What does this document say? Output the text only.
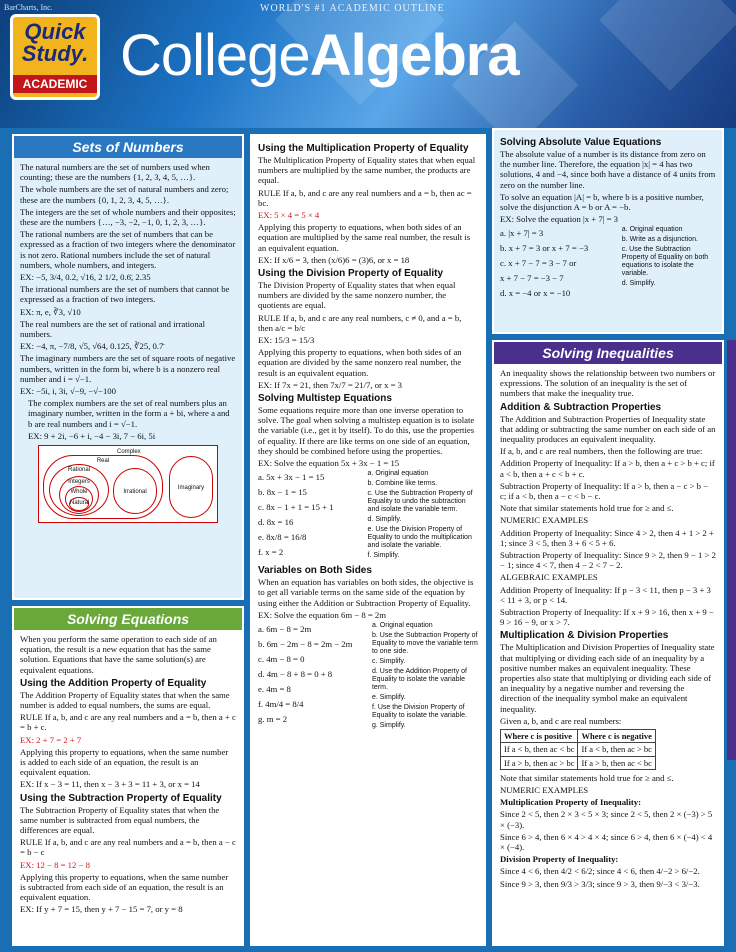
BarCharts, Inc.	WORLD'S #1 ACADEMIC OUTLINE
Quick
Study.
ACADEMIC CollegeAlgebra
Sets of Numbers
The natural numbers are the set of numbers used when counting; these are the numbers {1, 2, 3, 4, 5, …}.
The whole numbers are the set of natural numbers and zero; these are the numbers {0, 1, 2, 3, 4, 5, …}.
The integers are the set of whole numbers and their opposites; these are the numbers {…, −3, −2, −1, 0, 1, 2, 3, …}.
The rational numbers are the set of numbers that can be expressed as a fraction of two integers where the denominator is not zero. Rational numbers include the set of natural numbers, whole numbers, and integers.
EX: −5, 3/4, 0.2, √16, 2 1/2, 0.6̄, 2.35
The irrational numbers are the set of numbers that cannot be expressed as a fraction of two integers.
EX: π, e, ∛3, √10
The real numbers are the set of rational and irrational numbers.
EX: −4, π, −7/8, √5, √64, 0.125, ∛25, 0.7̄
The imaginary numbers are the set of square roots of negative numbers, written in the form bi, where b is a nonzero real number and i = √−1.
EX: −5i, i, 3i, √−9, −√−100
The complex numbers are the set of real numbers plus an imaginary number, written in the form a + bi, where a and b are real numbers and i = √−1.
EX: 9 + 2i, −6 + i, −4 − 3i, 7 − 6i, 5i
Complex
Real
Rational
Integers
Whole
Natural
Irrational
Imaginary
Solving Equations
When you perform the same operation to each side of an equation, the result is a new equation that has the same solution. Equations that have the same solution(s) are equivalent equations.
Using the Addition Property of Equality
The Addition Property of Equality states that when the same number is added to equal numbers, the sums are equal.
RULE If a, b, and c are any real numbers and a = b, then a + c = b + c.
EX: 2 + 7 = 2 + 7
Applying this property to equations, when the same number is added to each side of an equation, the result is an equivalent equation.
EX: If x − 3 = 11, then x − 3 + 3 = 11 + 3, or x = 14
Using the Subtraction Property of Equality
The Subtraction Property of Equality states that when the same number is subtracted from equal numbers, the differences are equal.
RULE If a, b, and c are any real numbers and a = b, then a − c = b − c
EX: 12 − 8 = 12 − 8
Applying this property to equations, when the same number is subtracted from each side of an equation, the result is an equivalent equation.
EX: If y + 7 = 15, then y + 7 − 15 = 7, or y = 8
Using the Multiplication Property of Equality
The Multiplication Property of Equality states that when equal numbers are multiplied by the same number, the products are equal.
RULE If a, b, and c are any real numbers and a = b, then ac = bc.
EX: 5 × 4 = 5 × 4
Applying this property to equations, when both sides of an equation are multiplied by the same real number, the result is an equivalent equation.
EX: If x/6 = 3, then (x/6)6 = (3)6, or x = 18
Using the Division Property of Equality
The Division Property of Equality states that when equal numbers are divided by the same nonzero number, the quotients are equal.
RULE If a, b, and c are any real numbers, c ≠ 0, and a = b, then a/c = b/c
EX: 15/3 = 15/3
Applying this property to equations, when both sides of an equation are divided by the same nonzero real number, the result is an equivalent equation.
EX: If 7x = 21, then 7x/7 = 21/7, or x = 3
Solving Multistep Equations
Some equations require more than one inverse operation to solve. The goal when solving a multistep equation is to isolate the variable (i.e., get it by itself). To do this, use the properties of equality. If there are like terms on one side of an equation, they should be combined before using the properties.
EX: Solve the equation 5x + 3x − 1 = 15
a. 5x + 3x − 1 = 15
b. 8x − 1 = 15
c. 8x − 1 + 1 = 15 + 1
d. 8x = 16
e. 8x/8 = 16/8
f. x = 2
a. Original equation
b. Combine like terms.
c. Use the Subtraction Property of Equality to undo the subtraction and isolate the variable term.
d. Simplify.
e. Use the Division Property of Equality to undo the multiplication and isolate the variable.
f. Simplify.
Variables on Both Sides
When an equation has variables on both sides, the objective is to get all variable terms on the same side of the equation by using either the Addition or Subtraction Property of Equality.
EX: Solve the equation 6m − 8 = 2m
a. 6m − 8 = 2m
b. 6m − 2m − 8 = 2m − 2m
c. 4m − 8 = 0
d. 4m − 8 + 8 = 0 + 8
e. 4m = 8
f. 4m/4 = 8/4
g. m = 2
a. Original equation
b. Use the Subtraction Property of Equality to move the variable term to one side.
c. Simplify.
d. Use the Addition Property of Equality to isolate the variable term.
e. Simplify.
f. Use the Division Property of Equality to isolate the variable.
g. Simplify.
Solving Absolute Value Equations
The absolute value of a number is its distance from zero on the number line. Therefore, the equation |x| = 4 has two solutions, 4 and −4, since both have a distance of 4 units from zero on the number line.
To solve an equation |A| = b, where b is a positive number, solve the disjunction A = b or A = −b.
EX: Solve the equation |x + 7| = 3
a. |x + 7| = 3
b. x + 7 = 3 or x + 7 = −3
c. x + 7 − 7 = 3 − 7 or
x + 7 − 7 = −3 − 7
d. x = −4 or x = −10
a. Original equation
b. Write as a disjunction.
c. Use the Subtraction Property of Equality on both equations to isolate the variable.
d. Simplify.
Solving Inequalities
An inequality shows the relationship between two numbers or expressions. The solution of an inequality is the set of numbers that make the inequality true.
Addition & Subtraction Properties
The Addition and Subtraction Properties of Inequality state that adding or subtracting the same number on each side of an inequality produces an equivalent inequality.
If a, b, and c are real numbers, then the following are true:
Addition Property of Inequality: If a > b, then a + c > b + c; if a < b, then a + c < b + c.
Subtraction Property of Inequality: If a > b, then a − c > b − c; if a < b, then a − c < b − c.
Note that similar statements hold true for ≥ and ≤.
NUMERIC EXAMPLES
Addition Property of Inequality: Since 4 > 2, then 4 + 1 > 2 + 1; since 3 < 5, then 3 + 6 < 5 + 6.
Subtraction Property of Inequality: Since 9 > 2, then 9 − 1 > 2 − 1; since 4 < 7, then 4 − 2 < 7 − 2.
ALGEBRAIC EXAMPLES
Addition Property of Inequality: If p − 3 < 11, then p − 3 + 3 < 11 + 3, or p < 14.
Subtraction Property of Inequality: If x + 9 > 16, then x + 9 − 9 > 16 − 9, or x > 7.
Multiplication & Division Properties
The Multiplication and Division Properties of Inequality state that multiplying or dividing each side of an inequality by a positive number makes an equivalent inequality. These properties also state that multiplying or dividing each side of an inequality by a negative number and reversing the direction of the inequality symbol make an equivalent inequality.
Given a, b, and c are real numbers:
Where c is positive	Where c is negative
If a < b, then ac < bc	If a < b, then ac > bc
If a > b, then ac > bc	If a > b, then ac < bc
Note that similar statements hold true for ≥ and ≤.
NUMERIC EXAMPLES
Multiplication Property of Inequality:
Since 2 < 5, then 2 × 3 < 5 × 3; since 2 < 5, then 2 × (−3) > 5 × (−3).
Since 6 > 4, then 6 × 4 > 4 × 4; since 6 > 4, then 6 × (−4) < 4 × (−4).
Division Property of Inequality:
Since 4 < 6, then 4/2 < 6/2; since 4 < 6, then 4/−2 > 6/−2.
Since 9 > 3, then 9/3 > 3/3; since 9 > 3, then 9/−3 < 3/−3.
